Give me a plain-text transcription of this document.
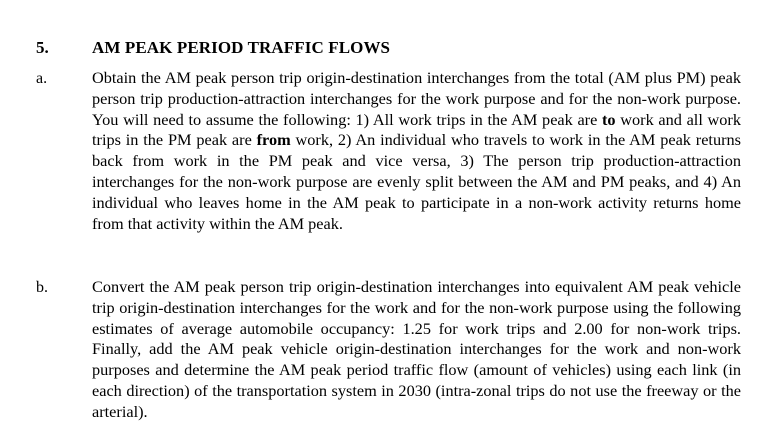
5.	AM PEAK PERIOD TRAFFIC FLOWS
a.	Obtain the AM peak person trip origin-destination interchanges from the total (AM plus PM) peak person trip production-attraction interchanges for the work purpose and for the non-work purpose. You will need to assume the following: 1) All work trips in the AM peak are to work and all work trips in the PM peak are from work, 2) An individual who travels to work in the AM peak returns back from work in the PM peak and vice versa, 3) The person trip production-attraction interchanges for the non-work purpose are evenly split between the AM and PM peaks, and 4) An individual who leaves home in the AM peak to participate in a non-work activity returns home from that activity within the AM peak.

b.	Convert the AM peak person trip origin-destination interchanges into equivalent AM peak vehicle trip origin-destination interchanges for the work and for the non-work purpose using the following estimates of average automobile occupancy: 1.25 for work trips and 2.00 for non-work trips. Finally, add the AM peak vehicle origin-destination interchanges for the work and non-work purposes and determine the AM peak period traffic flow (amount of vehicles) using each link (in each direction) of the transportation system in 2030 (intra-zonal trips do not use the freeway or the arterial).
